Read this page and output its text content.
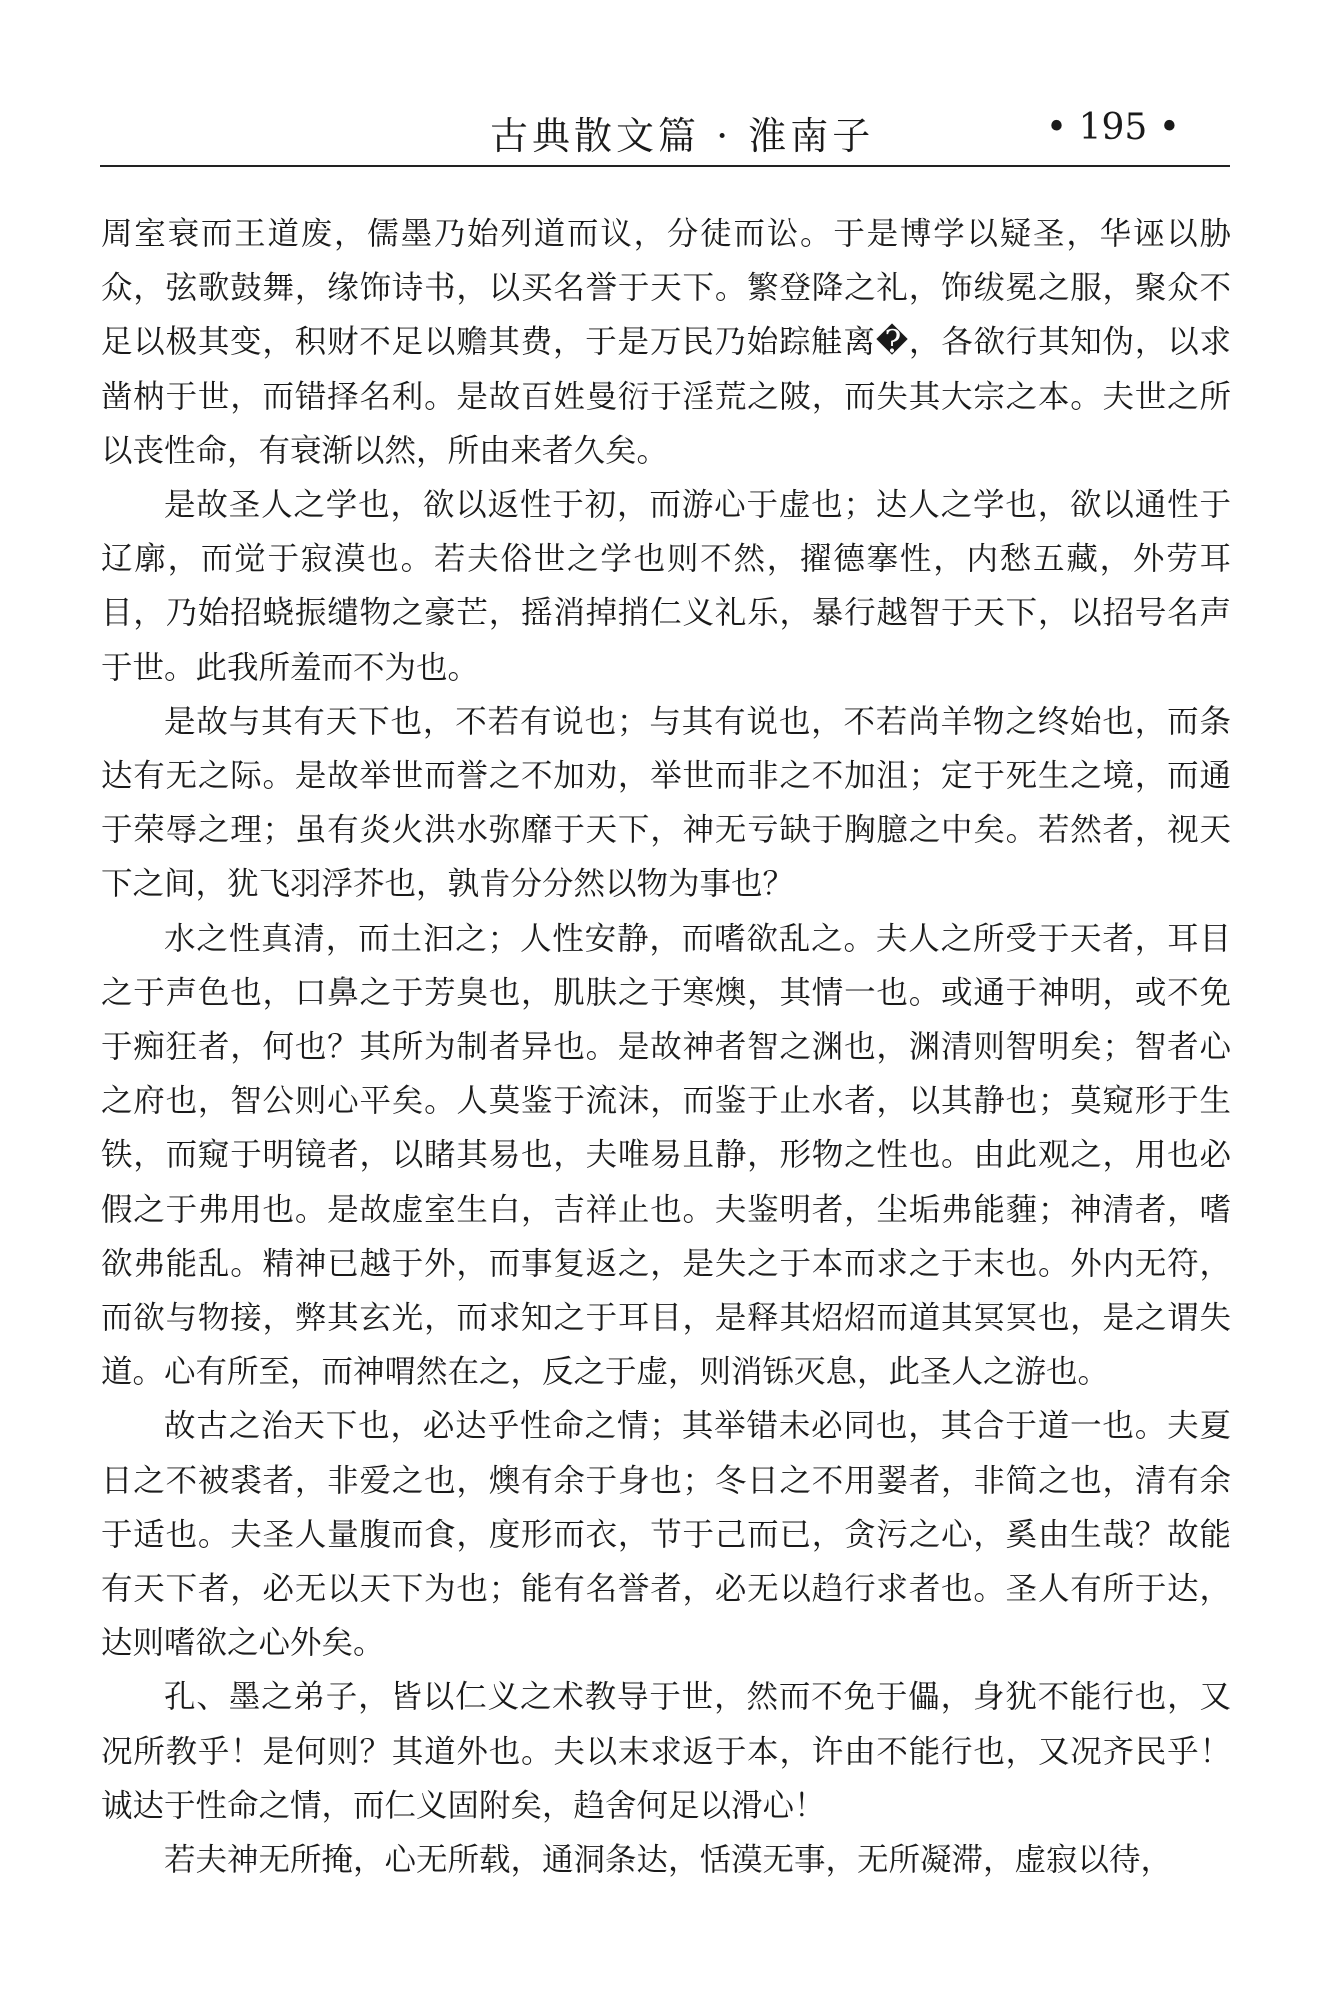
古典散文篇 · 淮南子	• 195 •

周室衰而王道废，儒墨乃始列道而议，分徒而讼。于是博学以疑圣，华诬以胁众，弦歌鼓舞，缘饰诗书，以买名誉于天下。繁登降之礼，饰绂冕之服，聚众不足以极其变，积财不足以赡其费，于是万民乃始踪觟离�，各欲行其知伪，以求凿枘于世，而错择名利。是故百姓曼衍于淫荒之陂，而失其大宗之本。夫世之所以丧性命，有衰渐以然，所由来者久矣。

是故圣人之学也，欲以返性于初，而游心于虚也；达人之学也，欲以通性于辽廓，而觉于寂漠也。若夫俗世之学也则不然，擢德搴性，内愁五藏，外劳耳目，乃始招蛲振缱物之豪芒，摇消掉捎仁义礼乐，暴行越智于天下，以招号名声于世。此我所羞而不为也。

是故与其有天下也，不若有说也；与其有说也，不若尚羊物之终始也，而条达有无之际。是故举世而誉之不加劝，举世而非之不加沮；定于死生之境，而通于荣辱之理；虽有炎火洪水弥靡于天下，神无亏缺于胸臆之中矣。若然者，视天下之间，犹飞羽浮芥也，孰肯分分然以物为事也？

水之性真清，而土汩之；人性安静，而嗜欲乱之。夫人之所受于天者，耳目之于声色也，口鼻之于芳臭也，肌肤之于寒燠，其情一也。或通于神明，或不免于痴狂者，何也？其所为制者异也。是故神者智之渊也，渊清则智明矣；智者心之府也，智公则心平矣。人莫鉴于流沫，而鉴于止水者，以其静也；莫窥形于生铁，而窥于明镜者，以睹其易也，夫唯易且静，形物之性也。由此观之，用也必假之于弗用也。是故虚室生白，吉祥止也。夫鉴明者，尘垢弗能薶；神清者，嗜欲弗能乱。精神已越于外，而事复返之，是失之于本而求之于末也。外内无符，而欲与物接，弊其玄光，而求知之于耳目，是释其炤炤而道其冥冥也，是之谓失道。心有所至，而神喟然在之，反之于虚，则消铄灭息，此圣人之游也。

故古之治天下也，必达乎性命之情；其举错未必同也，其合于道一也。夫夏日之不被裘者，非爱之也，燠有余于身也；冬日之不用翣者，非简之也，清有余于适也。夫圣人量腹而食，度形而衣，节于己而已，贪污之心，奚由生哉？故能有天下者，必无以天下为也；能有名誉者，必无以趋行求者也。圣人有所于达，达则嗜欲之心外矣。

孔、墨之弟子，皆以仁义之术教导于世，然而不免于儡，身犹不能行也，又况所教乎！是何则？其道外也。夫以末求返于本，许由不能行也，又况齐民乎！诚达于性命之情，而仁义固附矣，趋舍何足以滑心！

若夫神无所掩，心无所载，通洞条达，恬漠无事，无所凝滞，虚寂以待，
